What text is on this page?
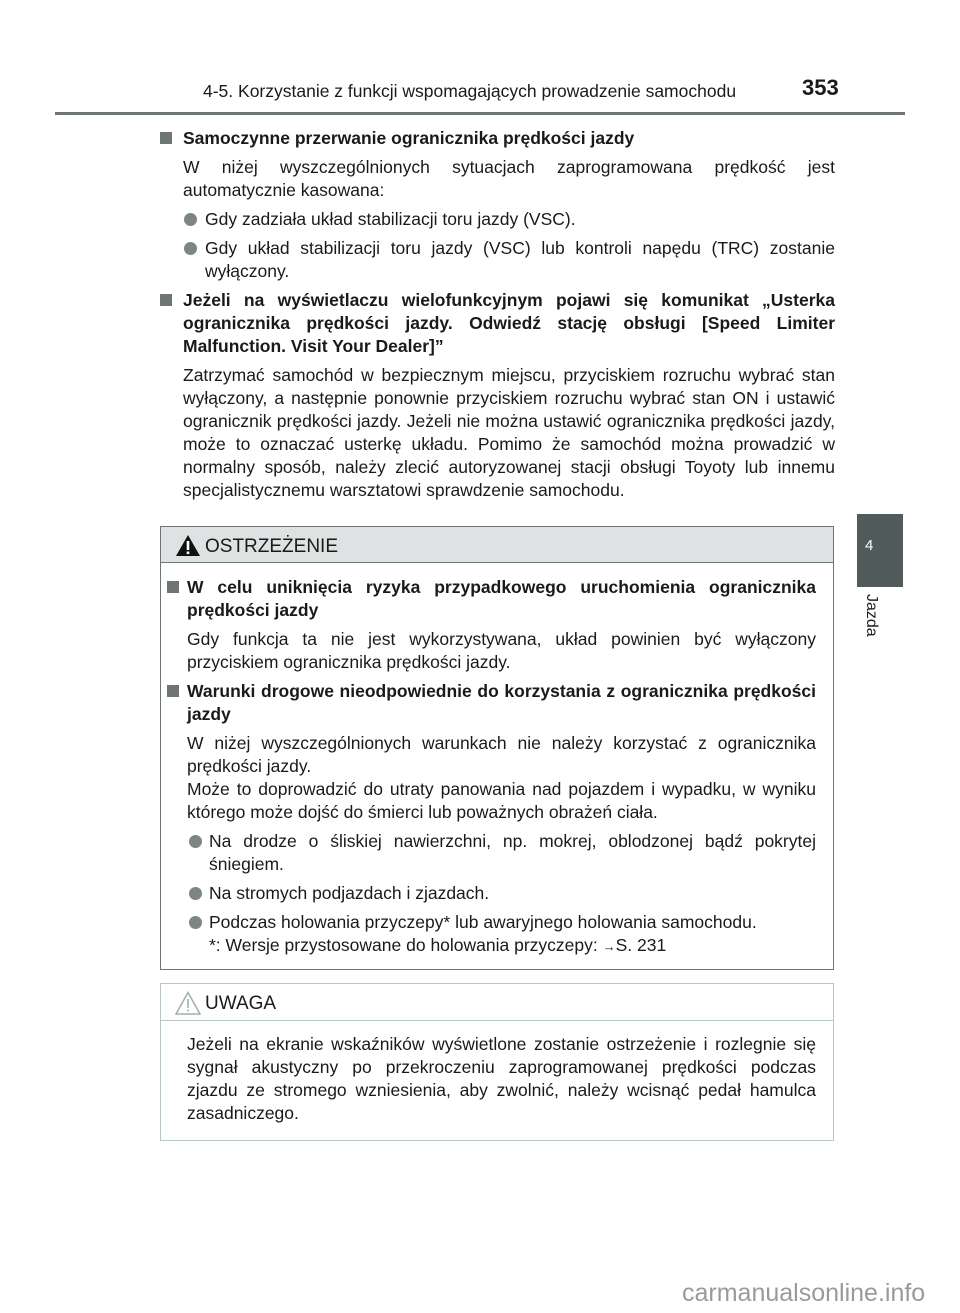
4-5. Korzystanie z funkcji wspomagających prowadzenie samochodu	353
4
Jazda
Samoczynne przerwanie ogranicznika prędkości jazdy
W niżej wyszczególnionych sytuacjach zaprogramowana prędkość jest automatycznie kasowana:
Gdy zadziała układ stabilizacji toru jazdy (VSC).
Gdy układ stabilizacji toru jazdy (VSC) lub kontroli napędu (TRC) zostanie wyłączony.
Jeżeli na wyświetlaczu wielofunkcyjnym pojawi się komunikat „Usterka ogranicznika prędkości jazdy. Odwiedź stację obsługi [Speed Limiter Malfunction. Visit Your Dealer]”
Zatrzymać samochód w bezpiecznym miejscu, przyciskiem rozruchu wybrać stan wyłączony, a następnie ponownie przyciskiem rozruchu wybrać stan ON i ustawić ogranicznik prędkości jazdy. Jeżeli nie można ustawić ogranicznika prędkości jazdy, może to oznaczać usterkę układu. Pomimo że samochód można prowadzić w normalny sposób, należy zlecić autoryzowanej stacji obsługi Toyoty lub innemu specjalistycznemu warsztatowi sprawdzenie samochodu.
OSTRZEŻENIE
W celu uniknięcia ryzyka przypadkowego uruchomienia ogranicznika prędkości jazdy
Gdy funkcja ta nie jest wykorzystywana, układ powinien być wyłączony przyciskiem ogranicznika prędkości jazdy.
Warunki drogowe nieodpowiednie do korzystania z ogranicznika prędkości jazdy
W niżej wyszczególnionych warunkach nie należy korzystać z ogranicznika prędkości jazdy.
Może to doprowadzić do utraty panowania nad pojazdem i wypadku, w wyniku którego może dojść do śmierci lub poważnych obrażeń ciała.
Na drodze o śliskiej nawierzchni, np. mokrej, oblodzonej bądź pokrytej śniegiem.
Na stromych podjazdach i zjazdach.
Podczas holowania przyczepy* lub awaryjnego holowania samochodu.
*: Wersje przystosowane do holowania przyczepy: →S. 231
UWAGA
Jeżeli na ekranie wskaźników wyświetlone zostanie ostrzeżenie i rozlegnie się sygnał akustyczny po przekroczeniu zaprogramowanej prędkości podczas zjazdu ze stromego wzniesienia, aby zwolnić, należy wcisnąć pedał hamulca zasadniczego.
carmanualsonline.info
